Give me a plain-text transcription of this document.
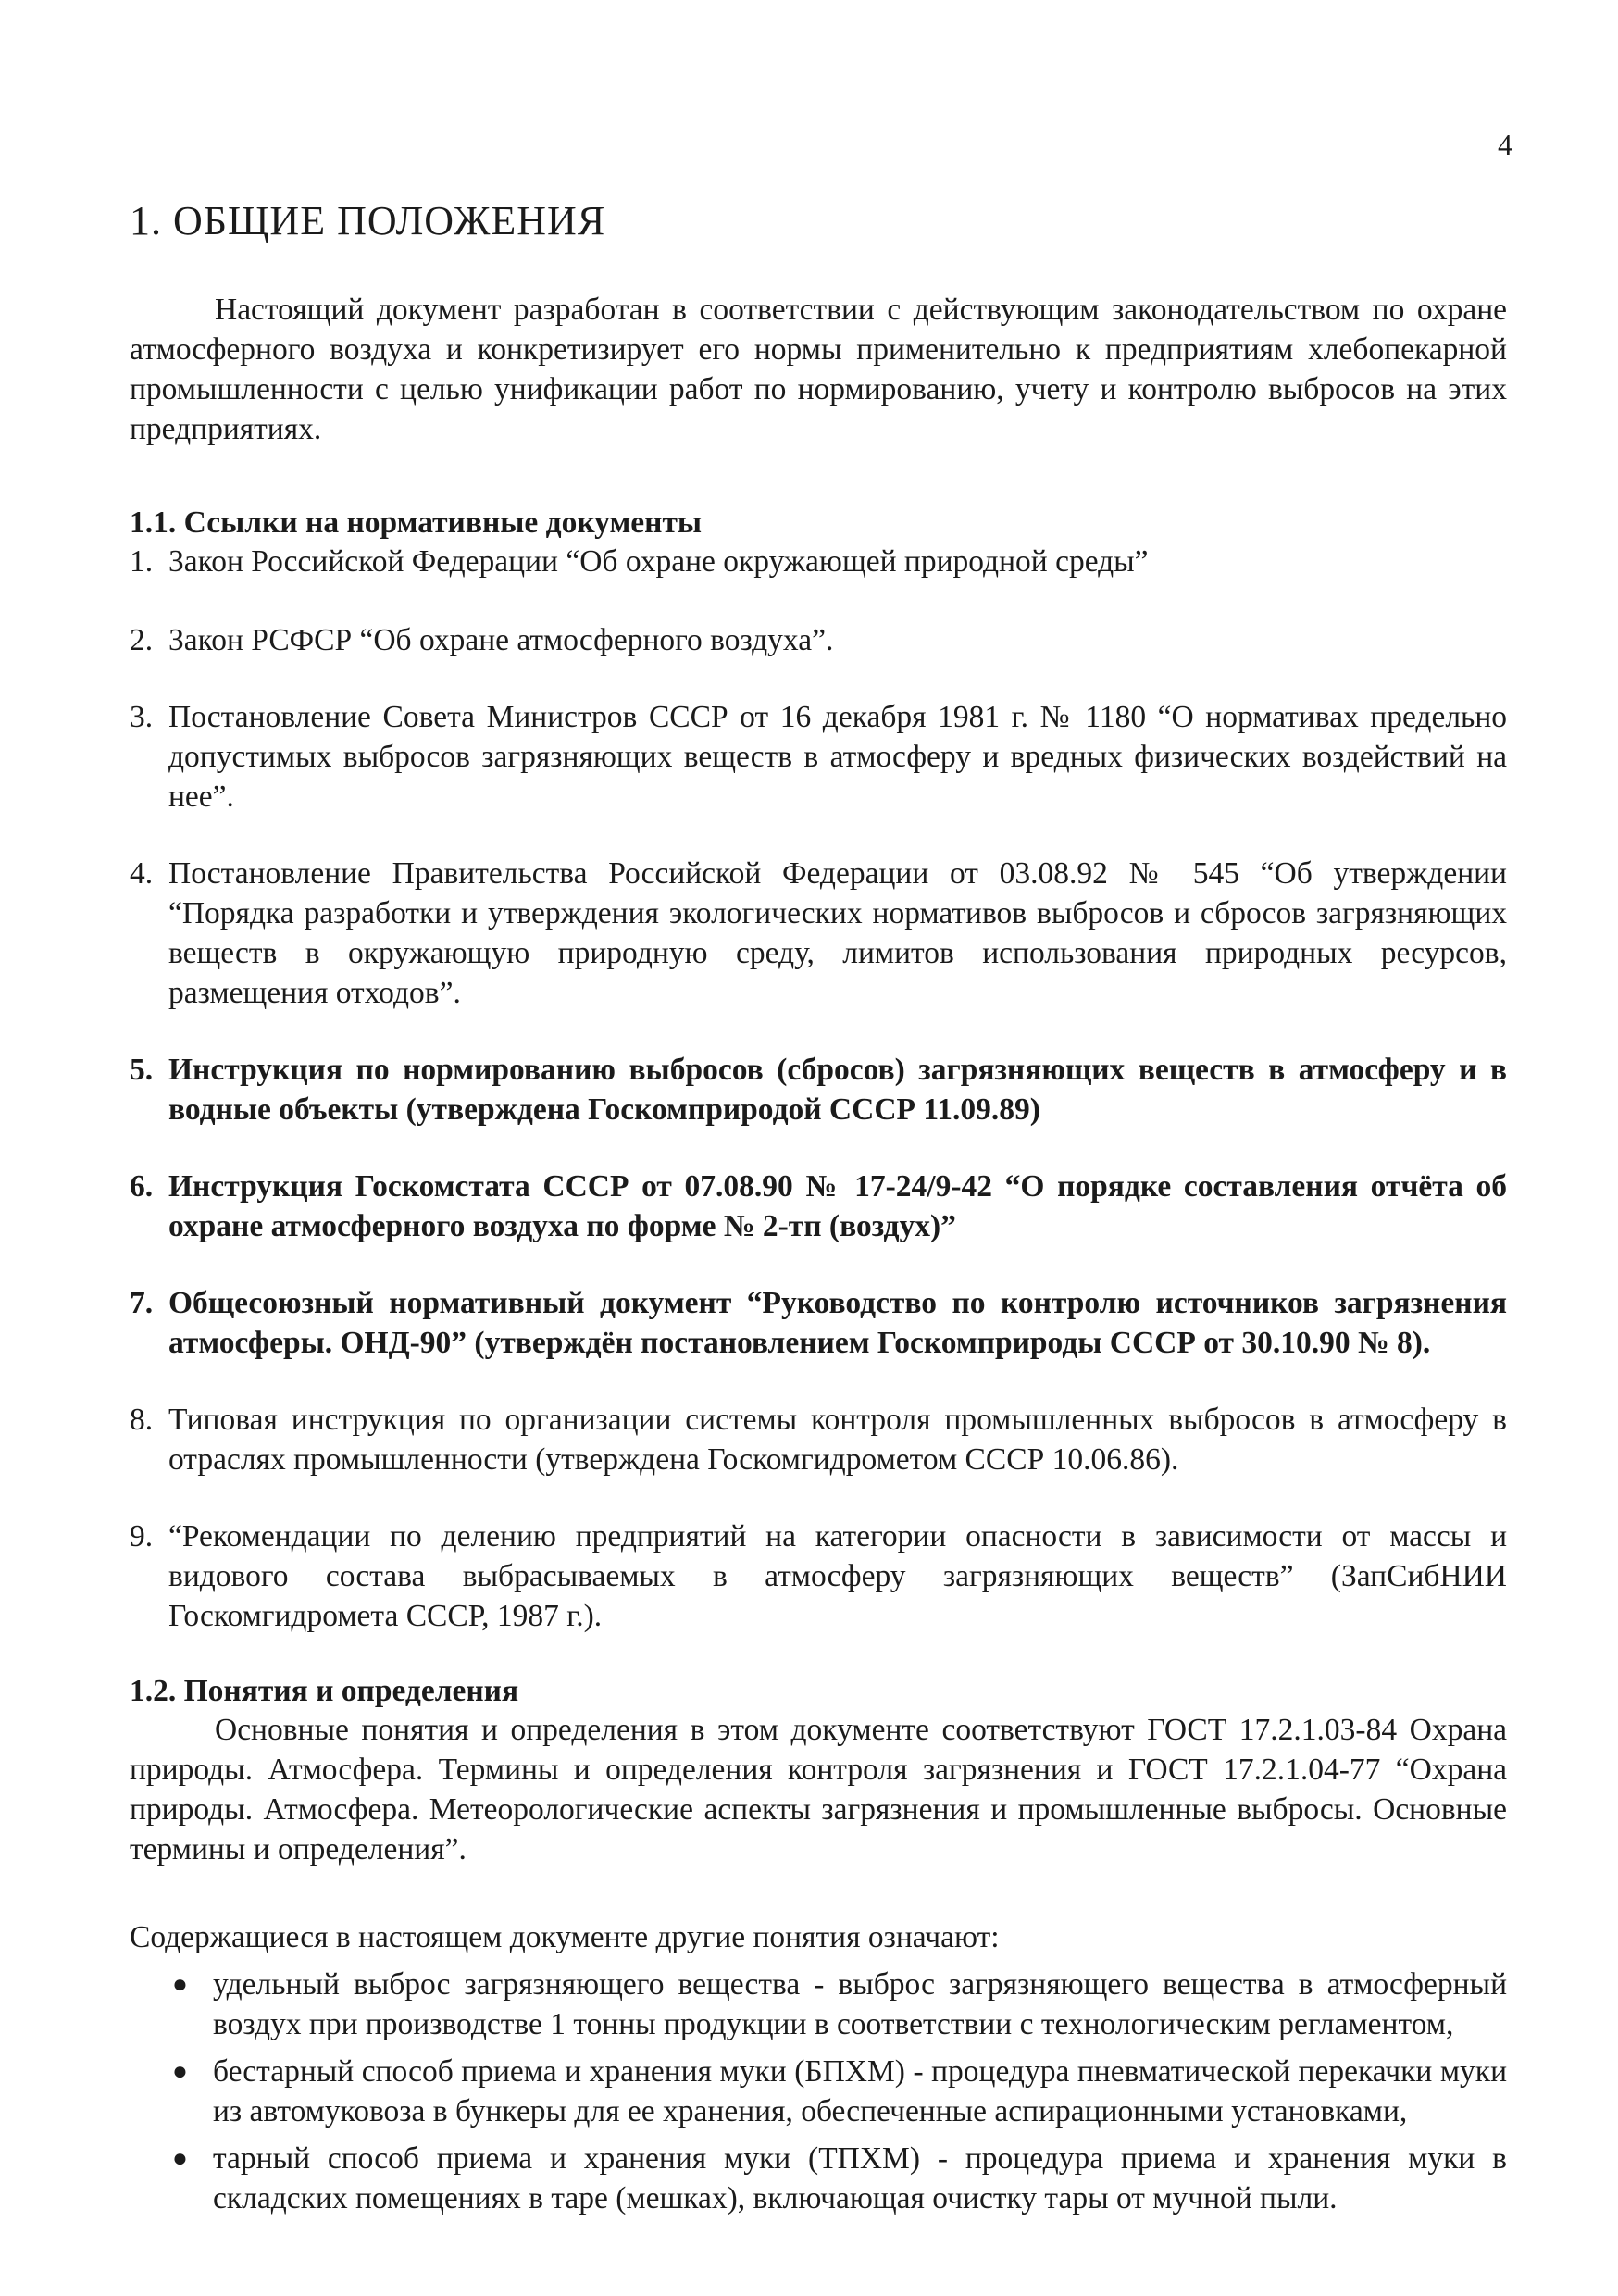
4
1. ОБЩИЕ ПОЛОЖЕНИЯ

Настоящий документ разработан в соответствии с действующим законодательством по охране атмосферного воздуха и конкретизирует его нормы применительно к предприятиям хлебопекарной промышленности с целью унификации работ по нормированию, учету и контролю выбросов на этих предприятиях.

1.1. Ссылки на нормативные документы
1. Закон Российской Федерации “Об охране окружающей природной среды”
2. Закон РСФСР “Об охране атмосферного воздуха”.
3. Постановление Совета Министров СССР от 16 декабря 1981 г. № 1180 “О нормативах предельно допустимых выбросов загрязняющих веществ в атмосферу и вредных физических воздействий на нее”.
4. Постановление Правительства Российской Федерации от 03.08.92 № 545 “Об утверждении “Порядка разработки и утверждения экологических нормативов выбросов и сбросов загрязняющих веществ в окружающую природную среду, лимитов использования природных ресурсов, размещения отходов”.
5. Инструкция по нормированию выбросов (сбросов) загрязняющих веществ в атмосферу и в водные объекты (утверждена Госкомприродой СССР 11.09.89)
6. Инструкция Госкомстата СССР от 07.08.90 № 17-24/9-42 “О порядке составления отчёта об охране атмосферного воздуха по форме № 2-тп (воздух)”
7. Общесоюзный нормативный документ “Руководство по контролю источников загрязнения атмосферы. ОНД-90” (утверждён постановлением Госкомприроды СССР от 30.10.90 № 8).
8. Типовая инструкция по организации системы контроля промышленных выбросов в атмосферу в отраслях промышленности (утверждена Госкомгидрометом СССР 10.06.86).
9. “Рекомендации по делению предприятий на категории опасности в зависимости от массы и видового состава выбрасываемых в атмосферу загрязняющих веществ” (ЗапСибНИИ Госкомгидромета СССР, 1987 г.).
1.2. Понятия и определения

Основные понятия и определения в этом документе соответствуют ГОСТ 17.2.1.03-84 Охрана природы. Атмосфера. Термины и определения контроля загрязнения и ГОСТ 17.2.1.04-77 “Охрана природы. Атмосфера. Метеорологические аспекты загрязнения и промышленные выбросы. Основные термины и определения”.

Содержащиеся в настоящем документе другие понятия означают:

● удельный выброс загрязняющего вещества - выброс загрязняющего вещества в атмосферный воздух при производстве 1 тонны продукции в соответствии с технологическим регламентом,
● бестарный способ приема и хранения муки (БПХМ) - процедура пневматической перекачки муки из автомуковоза в бункеры для ее хранения, обеспеченные аспирационными установками,
● тарный способ приема и хранения муки (ТПХМ) - процедура приема и хранения муки в складских помещениях в таре (мешках), включающая очистку тары от мучной пыли.
